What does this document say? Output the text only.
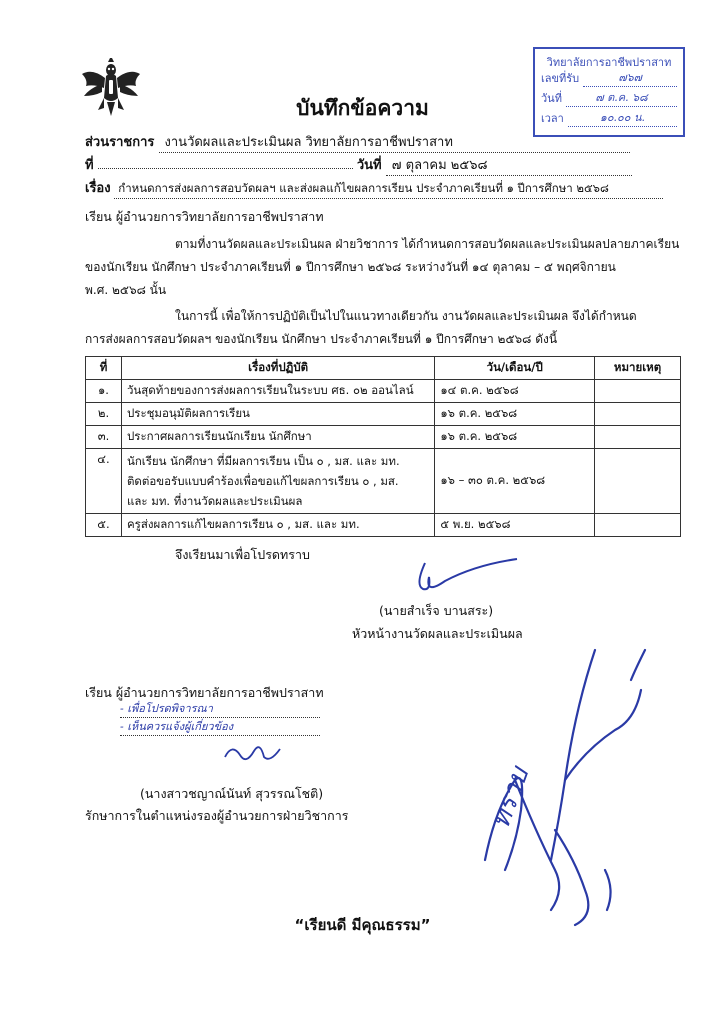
วิทยาลัยการอาชีพปราสาท
เลขที่รับ	๗๖๗
วันที่	๗ ต.ค. ๖๘
เวลา	๑๐.๐๐ น.
บันทึกข้อความ
ส่วนราชการ งานวัดผลและประเมินผล วิทยาลัยการอาชีพปราสาท
ที่	วันที่ ๗ ตุลาคม ๒๕๖๘
เรื่อง กำหนดการส่งผลการสอบวัดผลฯ และส่งผลแก้ไขผลการเรียน ประจำภาคเรียนที่ ๑ ปีการศึกษา ๒๕๖๘
เรียน ผู้อำนวยการวิทยาลัยการอาชีพปราสาท
ตามที่งานวัดผลและประเมินผล ฝ่ายวิชาการ ได้กำหนดการสอบวัดผลและประเมินผลปลายภาคเรียน
ของนักเรียน นักศึกษา ประจำภาคเรียนที่ ๑ ปีการศึกษา ๒๕๖๘ ระหว่างวันที่ ๑๔ ตุลาคม – ๕ พฤศจิกายน
พ.ศ. ๒๕๖๘ นั้น
ในการนี้ เพื่อให้การปฏิบัติเป็นไปในแนวทางเดียวกัน งานวัดผลและประเมินผล จึงได้กำหนด
การส่งผลการสอบวัดผลฯ ของนักเรียน นักศึกษา ประจำภาคเรียนที่ ๑ ปีการศึกษา ๒๕๖๘ ดังนี้
ที่	เรื่องที่ปฏิบัติ	วัน/เดือน/ปี	หมายเหตุ
๑.	วันสุดท้ายของการส่งผลการเรียนในระบบ ศธ. ๐๒ ออนไลน์	๑๔ ต.ค. ๒๕๖๘	
๒.	ประชุมอนุมัติผลการเรียน	๑๖ ต.ค. ๒๕๖๘	
๓.	ประกาศผลการเรียนนักเรียน นักศึกษา	๑๖ ต.ค. ๒๕๖๘	
๔.	นักเรียน นักศึกษา ที่มีผลการเรียน เป็น ๐ , มส. และ มท.
ติดต่อขอรับแบบคำร้องเพื่อขอแก้ไขผลการเรียน ๐ , มส.
และ มท. ที่งานวัดผลและประเมินผล	๑๖ – ๓๐ ต.ค. ๒๕๖๘	
๕.	ครูส่งผลการแก้ไขผลการเรียน ๐ , มส. และ มท.	๕ พ.ย. ๒๕๖๘	
จึงเรียนมาเพื่อโปรดทราบ
(นายสำเร็จ บานสระ)
หัวหน้างานวัดผลและประเมินผล
เรียน ผู้อำนวยการวิทยาลัยการอาชีพปราสาท
- เพื่อโปรดพิจารณา
- เห็นควรแจ้งผู้เกี่ยวข้อง
(นางสาวชญาณ์นันท์ สุวรรณโชติ)
รักษาการในตำแหน่งรองผู้อำนวยการฝ่ายวิชาการ	ทราบ
“เรียนดี มีคุณธรรม”
